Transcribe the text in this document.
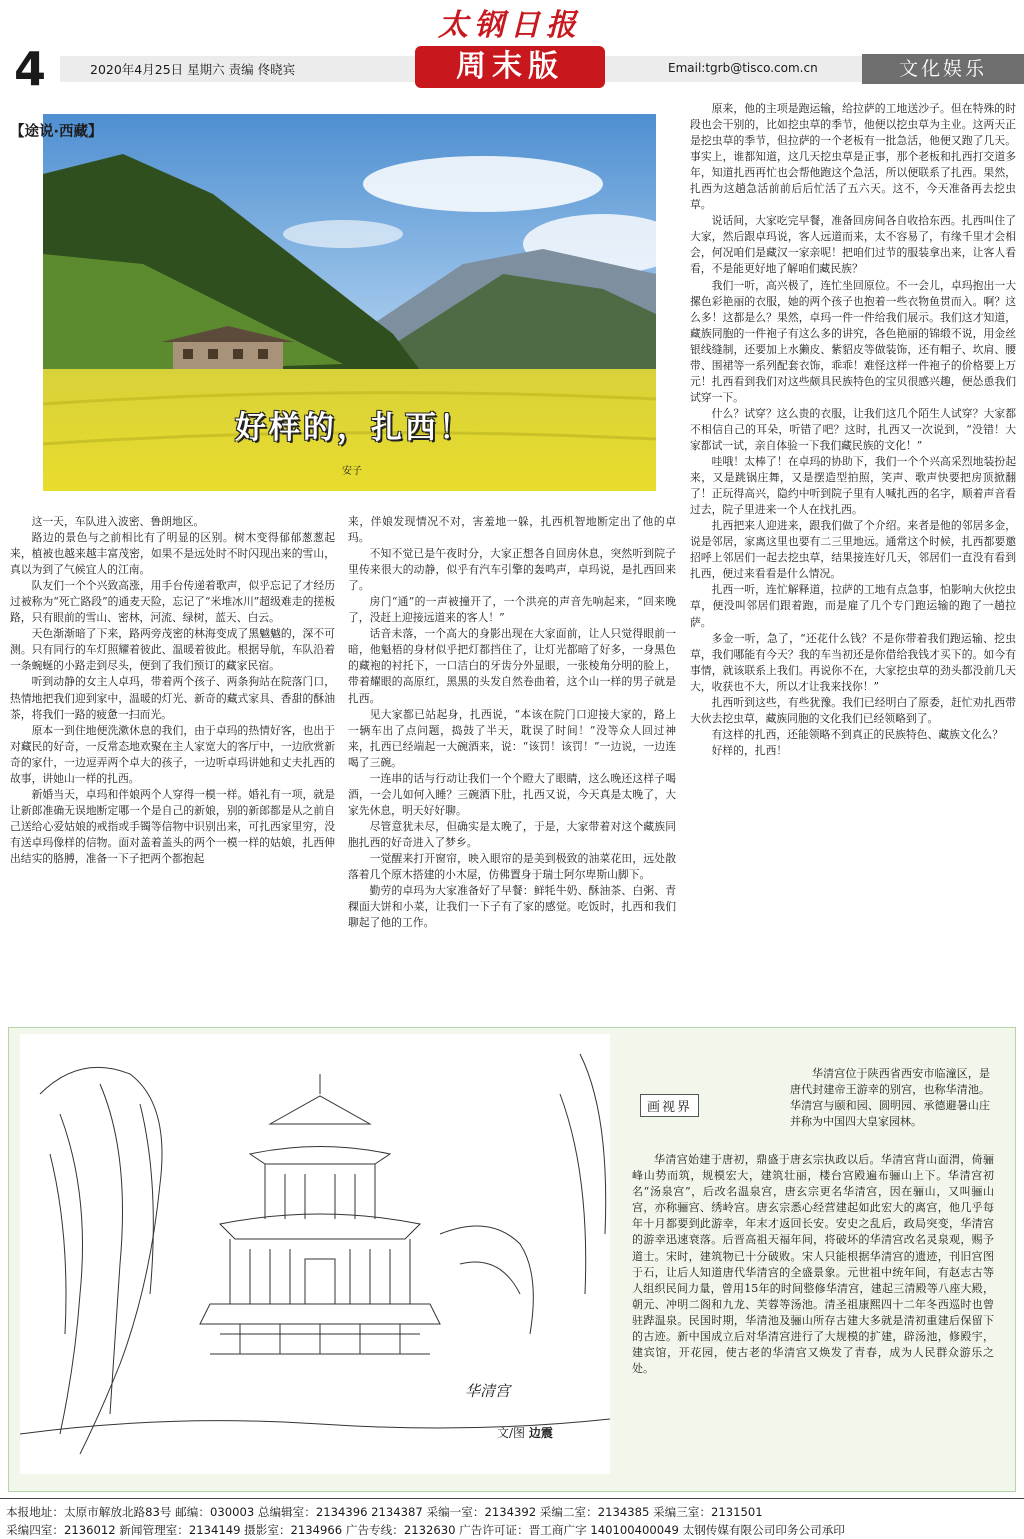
4	2020年4月25日 星期六 责编 佟晓宾
太钢日报
周末版	Email:tgrb@tisco.com.cn	文化娱乐
【途说·西藏】
好样的，扎西！
安子

这一天，车队进入波密、鲁朗地区。

路边的景色与之前相比有了明显的区别。树木变得郁郁葱葱起来，植被也越来越丰富茂密，如果不是远处时不时闪现出来的雪山，真以为到了气候宜人的江南。

队友们一个个兴致高涨，用手台传递着歌声，似乎忘记了才经历过被称为“死亡路段”的通麦天险，忘记了“米堆冰川”超级难走的搓板路，只有眼前的雪山、密林，河流、绿树，蓝天、白云。

天色渐渐暗了下来，路两旁茂密的林海变成了黑魆魆的，深不可测。只有同行的车灯照耀着彼此、温暖着彼此。根据导航，车队沿着一条蜿蜒的小路走到尽头，便到了我们预订的藏家民宿。

听到动静的女主人卓玛，带着两个孩子、两条狗站在院落门口，热情地把我们迎到家中，温暖的灯光、新奇的藏式家具、香甜的酥油茶，将我们一路的疲惫一扫而光。

原本一到住地便洗漱休息的我们，由于卓玛的热情好客，也出于对藏民的好奇，一反常态地欢聚在主人家宽大的客厅中，一边欣赏新奇的家什，一边逗弄两个卓大的孩子，一边听卓玛讲她和丈夫扎西的故事，讲她山一样的扎西。

新婚当天，卓玛和伴娘两个人穿得一模一样。婚礼有一项，就是让新郎准确无误地断定哪一个是自己的新娘，别的新郎都是从之前自己送给心爱姑娘的戒指或手镯等信物中识别出来，可扎西家里穷，没有送卓玛像样的信物。面对盖着盖头的两个一模一样的姑娘，扎西伸出结实的胳膊，准备一下子把两个都抱起

来，伴娘发现情况不对，害羞地一躲，扎西机智地断定出了他的卓玛。

不知不觉已是午夜时分，大家正想各自回房休息，突然听到院子里传来很大的动静，似乎有汽车引擎的轰鸣声，卓玛说，是扎西回来了。

房门“通”的一声被撞开了，一个洪亮的声音先响起来，“回来晚了，没赶上迎接远道来的客人！”

话音未落，一个高大的身影出现在大家面前，让人只觉得眼前一暗，他魁梧的身材似乎把灯都挡住了，让灯光都暗了好多，一身黑色的藏袍的衬托下，一口洁白的牙齿分外显眼，一张棱角分明的脸上，带着耀眼的高原红，黑黑的头发自然卷曲着，这个山一样的男子就是扎西。

见大家都已站起身，扎西说，“本该在院门口迎接大家的，路上一辆车出了点问题，捣鼓了半天，耽误了时间！”没等众人回过神来，扎西已经端起一大碗酒来，说：“该罚！该罚！”一边说，一边连喝了三碗。

一连串的话与行动让我们一个个瞪大了眼睛，这么晚还这样子喝酒，一会儿如何入睡？三碗酒下肚，扎西又说，今天真是太晚了，大家先休息，明天好好聊。

尽管意犹未尽，但确实是太晚了，于是，大家带着对这个藏族同胞扎西的好奇进入了梦乡。

一觉醒来打开窗帘，映入眼帘的是美到极致的油菜花田，远处散落着几个原木搭建的小木屋，仿佛置身于瑞士阿尔卑斯山脚下。

勤劳的卓玛为大家准备好了早餐：鲜牦牛奶、酥油茶、白粥、青稞面大饼和小菜，让我们一下子有了家的感觉。吃饭时，扎西和我们聊起了他的工作。

原来，他的主项是跑运输，给拉萨的工地送沙子。但在特殊的时段也会干别的，比如挖虫草的季节，他便以挖虫草为主业。这两天正是挖虫草的季节，但拉萨的一个老板有一批急活，他便又跑了几天。事实上，谁都知道，这几天挖虫草是正事，那个老板和扎西打交道多年，知道扎西再忙也会帮他跑这个急活，所以便联系了扎西。果然，扎西为这趟急活前前后后忙活了五六天。这不，今天准备再去挖虫草。

说话间，大家吃完早餐，准备回房间各自收拾东西。扎西叫住了大家，然后跟卓玛说，客人远道而来，太不容易了，有缘千里才会相会，何况咱们是藏汉一家亲呢！把咱们过节的服装拿出来，让客人看看，不是能更好地了解咱们藏民族？

我们一听，高兴极了，连忙坐回原位。不一会儿，卓玛抱出一大摞色彩艳丽的衣服，她的两个孩子也抱着一些衣物鱼贯而入。啊？这么多！这都是么？果然，卓玛一件一件给我们展示。我们这才知道，藏族同胞的一件袍子有这么多的讲究，各色艳丽的锦缎不说，用金丝银线缝制，还要加上水獭皮、紫貂皮等做装饰，还有帽子、坎肩、腰带、围裙等一系列配套衣饰，乖乖！难怪这样一件袍子的价格要上万元！扎西看到我们对这些颇具民族特色的宝贝很感兴趣，便怂恿我们试穿一下。

什么？试穿？这么贵的衣服，让我们这几个陌生人试穿？大家都不相信自己的耳朵，听错了吧？这时，扎西又一次说到，“没错！大家都试一试，亲自体验一下我们藏民族的文化！”

哇哦！太棒了！在卓玛的协助下，我们一个个兴高采烈地装扮起来，又是跳锅庄舞，又是摆造型拍照，笑声、歌声快要把房顶掀翻了！正玩得高兴，隐约中听到院子里有人喊扎西的名字，顺着声音看过去，院子里进来一个人在找扎西。

扎西把来人迎进来，跟我们做了个介绍。来者是他的邻居多金，说是邻居，家离这里也要有二三里地远。通常这个时候，扎西都要邀招呼上邻居们一起去挖虫草，结果接连好几天，邻居们一直没有看到扎西，便过来看看是什么情况。

扎西一听，连忙解释道，拉萨的工地有点急事，怕影响大伙挖虫草，便没叫邻居们跟着跑，而是雇了几个专门跑运输的跑了一趟拉萨。

多金一听，急了，“还花什么钱？不是你带着我们跑运输、挖虫草，我们哪能有今天？我的车当初还是你借给我钱才买下的。如今有事情，就该联系上我们。再说你不在，大家挖虫草的劲头都没前几天大，收获也不大，所以才让我来找你！”

扎西听到这些，有些犹豫。我们已经明白了原委，赶忙劝扎西带大伙去挖虫草，藏族同胞的文化我们已经领略到了。

有这样的扎西，还能领略不到真正的民族特色、藏族文化么？

好样的，扎西！

画视界
华清宫
文/图 边震

华清宫位于陕西省西安市临潼区，是唐代封建帝王游幸的别宫，也称华清池。华清宫与颐和园、圆明园、承德避暑山庄并称为中国四大皇家园林。

华清宫始建于唐初，鼎盛于唐玄宗执政以后。华清宫背山面渭，倚骊峰山势而筑，规模宏大，建筑壮丽，楼台宫殿遍布骊山上下。华清宫初名“汤泉宫”，后改名温泉宫，唐玄宗更名华清宫，因在骊山，又叫骊山宫，亦称骊宫、绣岭宫。唐玄宗悉心经营建起如此宏大的离宫，他几乎每年十月都要到此游幸，年末才返回长安。安史之乱后，政局突变，华清宫的游幸迅速衰落。后晋高祖天福年间，将破坏的华清宫改名灵泉观，赐予道士。宋时，建筑物已十分破败。宋人只能根据华清宫的遗迹，刊旧宫图于石，让后人知道唐代华清宫的全盛景象。元世祖中统年间，有赵志古等人组织民间力量，曾用15年的时间整修华清宫，建起三清殿等八座大殿，朝元、冲明二阁和九龙、芙蓉等汤池。清圣祖康熙四十二年冬西巡时也曾驻跸温泉。民国时期，华清池及骊山所存古建大多就是清初重建后保留下的古迹。新中国成立后对华清宫进行了大规模的扩建，辟汤池，修殿宇，建宾馆，开花园，使古老的华清宫又焕发了青春，成为人民群众游乐之处。

本报地址：太原市解放北路83号 邮编：030003 总编辑室：2134396 2134387 采编一室：2134392 采编二室：2134385 采编三室：2131501
采编四室：2136012 新闻管理室：2134149 摄影室：2134966 广告专线：2132630 广告许可证：晋工商广字 140100400049 太钢传媒有限公司印务公司承印
